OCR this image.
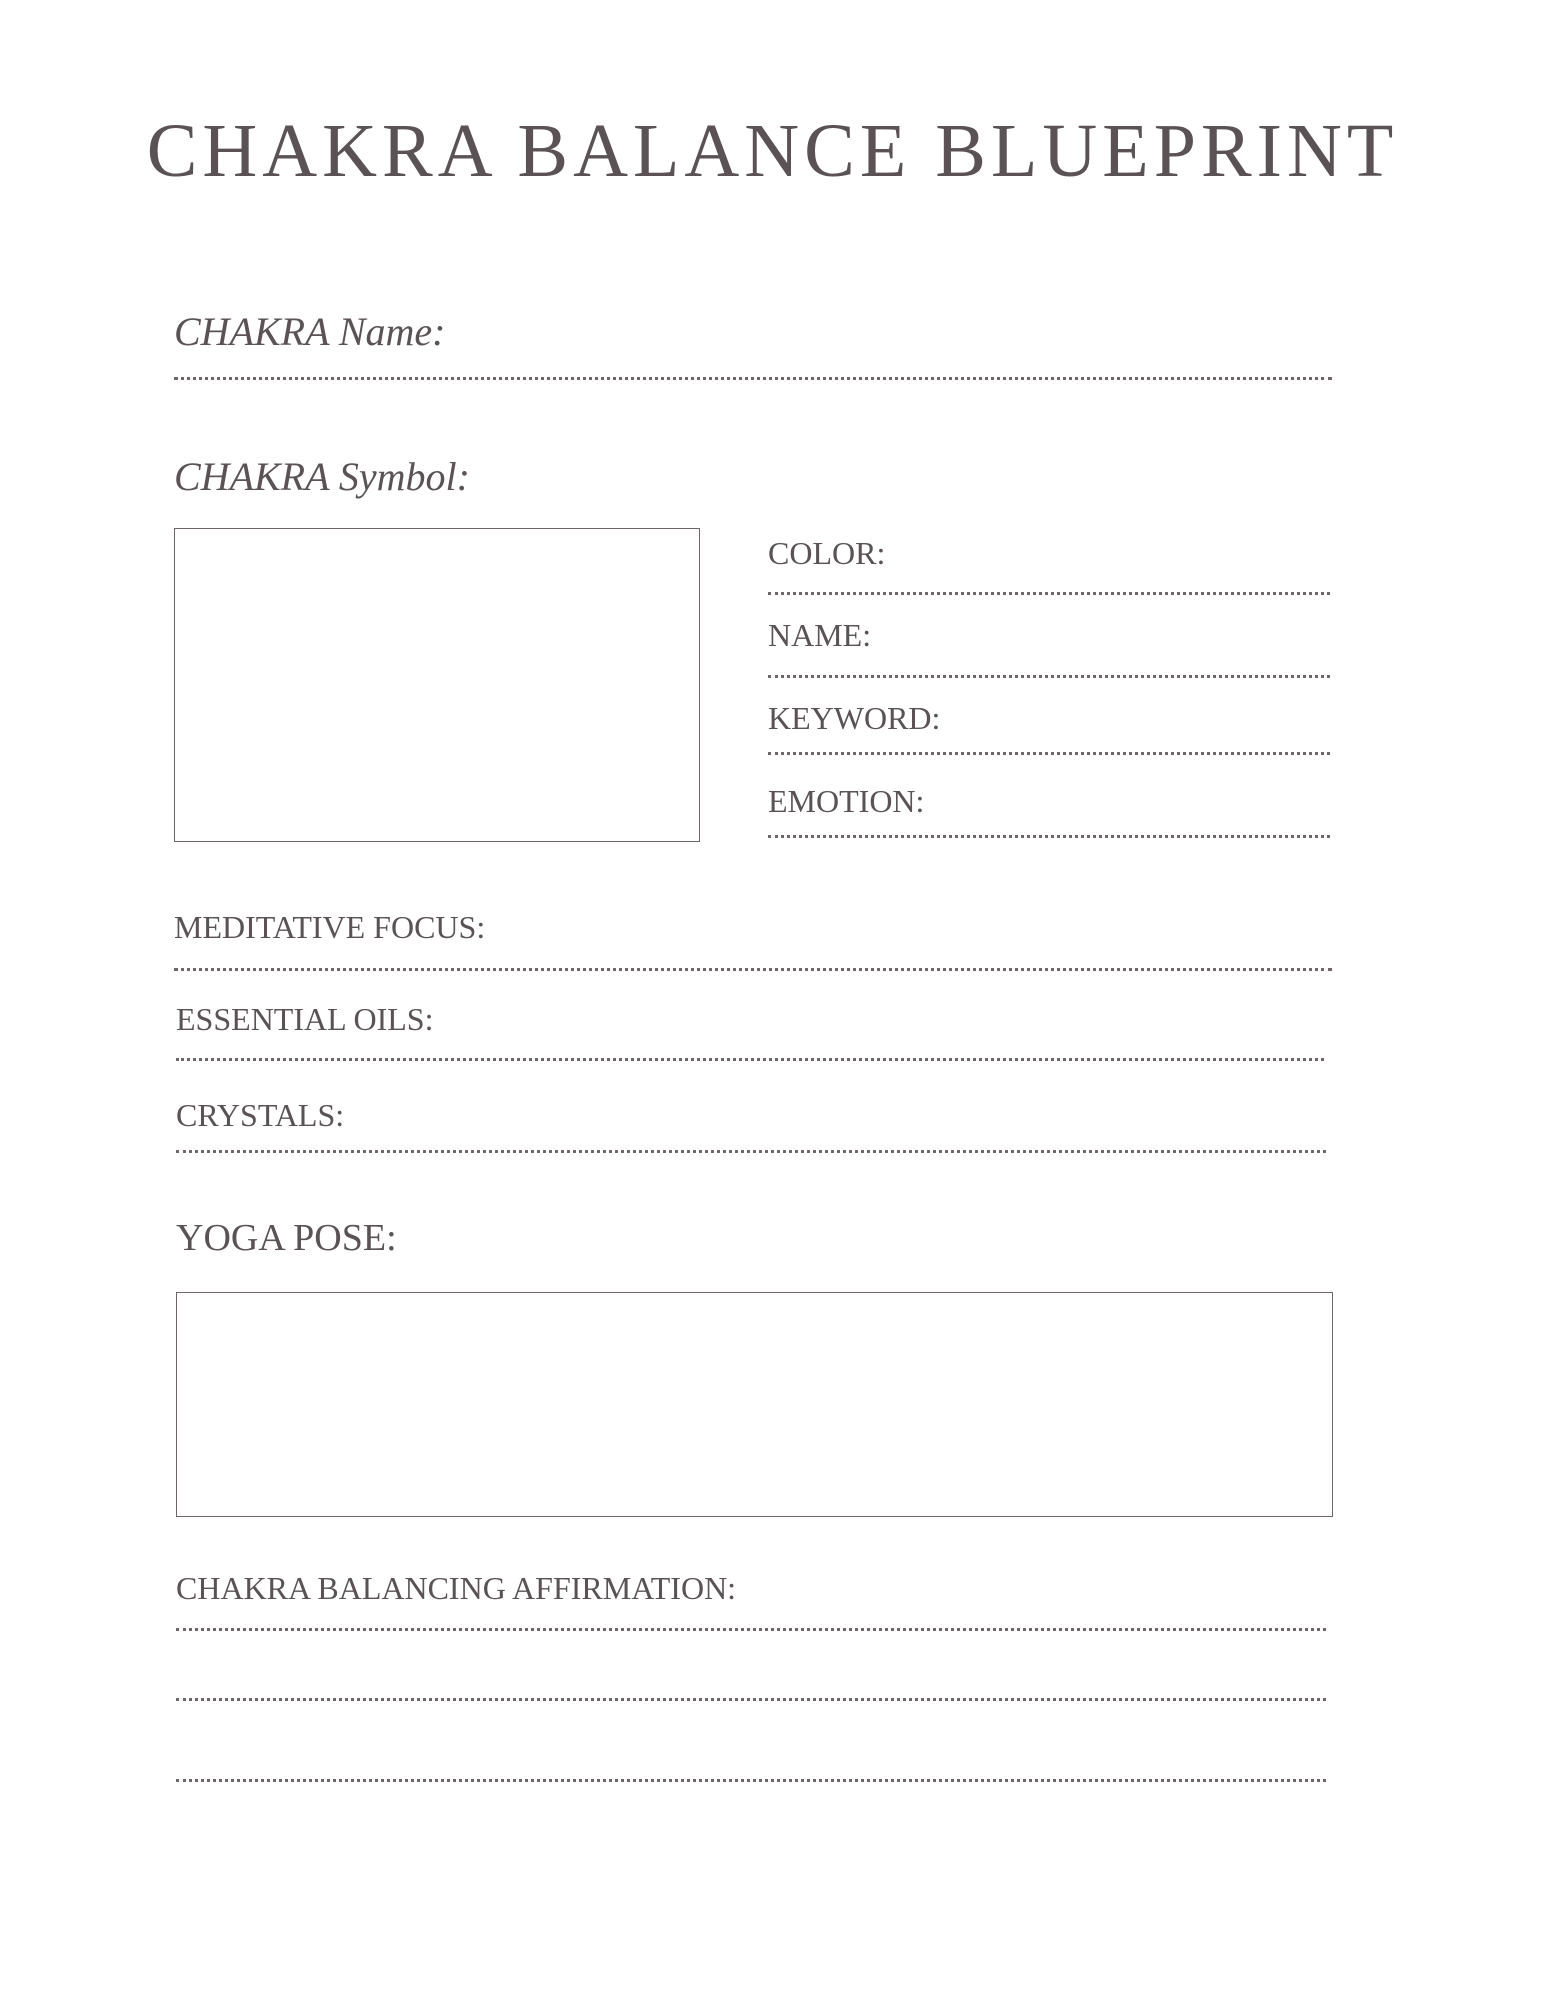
CHAKRA BALANCE BLUEPRINT
CHAKRA Name:
CHAKRA Symbol:
COLOR:
NAME:
KEYWORD:
EMOTION:
MEDITATIVE FOCUS:
ESSENTIAL OILS:
CRYSTALS:
YOGA POSE:
CHAKRA BALANCING AFFIRMATION:
